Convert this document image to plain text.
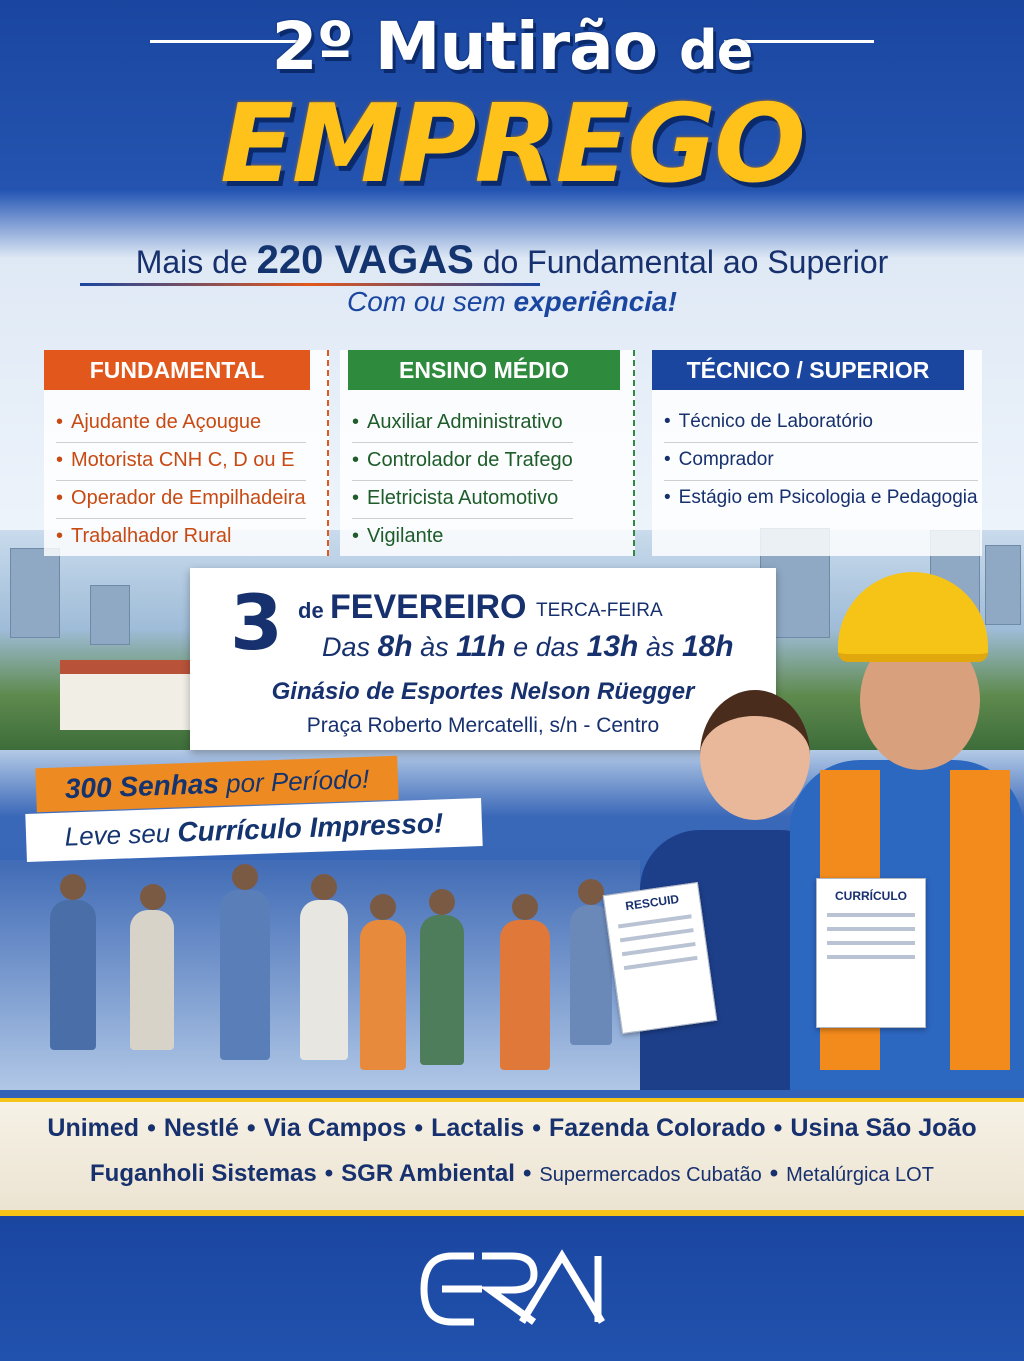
2º Mutirão de
EMPREGO
Mais de 220 VAGAS do Fundamental ao Superior
Com ou sem experiência!
FUNDAMENTAL
• Ajudante de Açougue
• Motorista CNH C, D ou E
• Operador de Empilhadeira
• Trabalhador Rural
ENSINO MÉDIO
• Auxiliar Administrativo
• Controlador de Trafego
• Eletricista Automotivo
• Vigilante
TÉCNICO / SUPERIOR
• Técnico de Laboratório
• Comprador
• Estágio em Psicologia e Pedagogia
3 de FEVEREIRO TERCA-FEIRA
Das 8h às 11h e das 13h às 18h
Ginásio de Esportes Nelson Rüegger
Praça Roberto Mercatelli, s/n - Centro
300 Senhas por Período!
Leve seu Currículo Impresso!
RESCUID	CURRÍCULO
Unimed • Nestlé • Via Campos • Lactalis • Fazenda Colorado • Usina São João
Fuganholi Sistemas • SGR Ambiental • Supermercados Cubatão • Metalúrgica LOT
